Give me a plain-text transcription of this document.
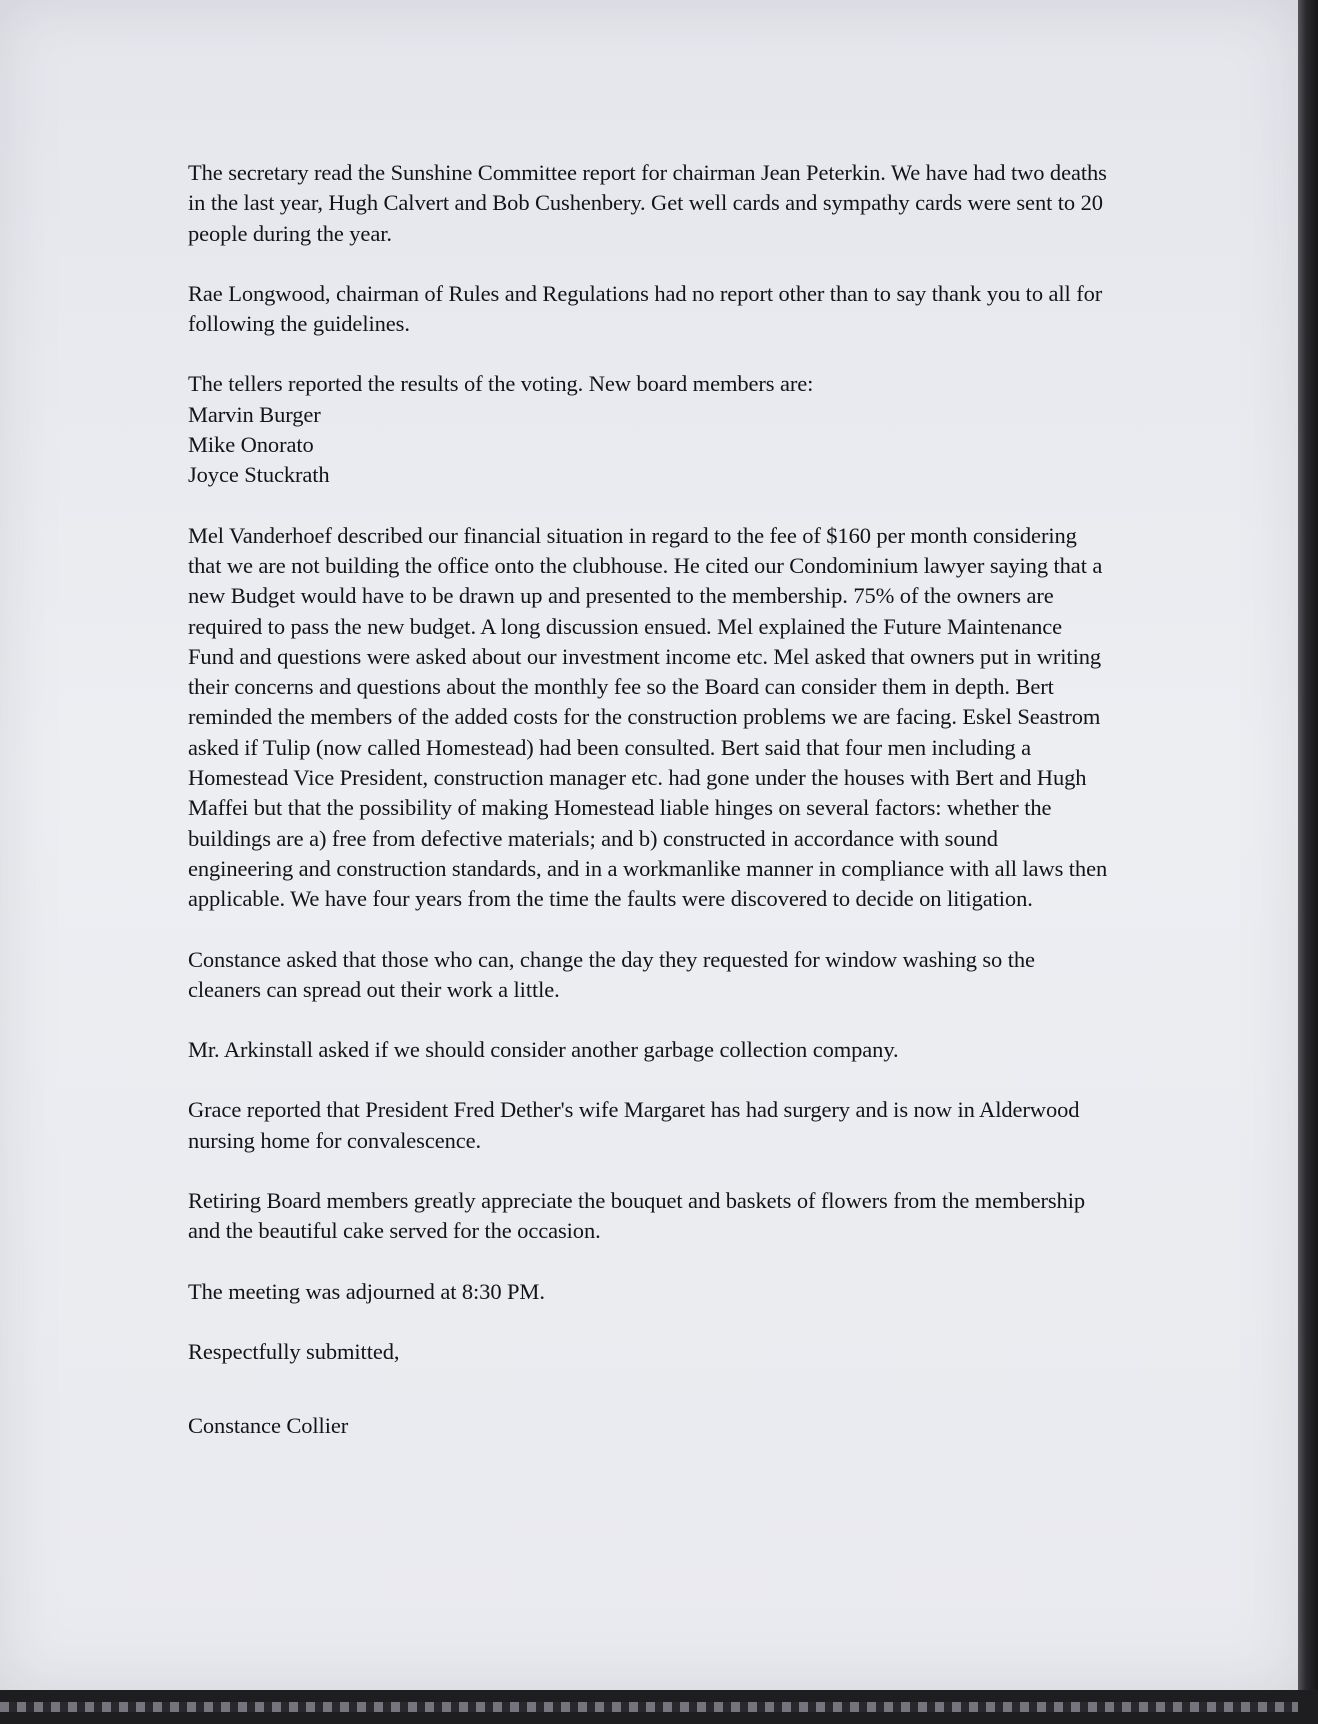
The secretary read the Sunshine Committee report for chairman Jean Peterkin. We have had two deaths in the last year, Hugh Calvert and Bob Cushenbery. Get well cards and sympathy cards were sent to 20 people during the year.

Rae Longwood, chairman of Rules and Regulations had no report other than to say thank you to all for following the guidelines.

The tellers reported the results of the voting. New board members are:

Marvin Burger
Mike Onorato
Joyce Stuckrath

Mel Vanderhoef described our financial situation in regard to the fee of $160 per month considering that we are not building the office onto the clubhouse. He cited our Condominium lawyer saying that a new Budget would have to be drawn up and presented to the membership. 75% of the owners are required to pass the new budget. A long discussion ensued. Mel explained the Future Maintenance Fund and questions were asked about our investment income etc. Mel asked that owners put in writing their concerns and questions about the monthly fee so the Board can consider them in depth. Bert reminded the members of the added costs for the construction problems we are facing. Eskel Seastrom asked if Tulip (now called Homestead) had been consulted. Bert said that four men including a Homestead Vice President, construction manager etc. had gone under the houses with Bert and Hugh Maffei but that the possibility of making Homestead liable hinges on several factors: whether the buildings are a) free from defective materials; and b) constructed in accordance with sound engineering and construction standards, and in a workmanlike manner in compliance with all laws then applicable. We have four years from the time the faults were discovered to decide on litigation.

Constance asked that those who can, change the day they requested for window washing so the cleaners can spread out their work a little.

Mr. Arkinstall asked if we should consider another garbage collection company.

Grace reported that President Fred Dether's wife Margaret has had surgery and is now in Alderwood nursing home for convalescence.

Retiring Board members greatly appreciate the bouquet and baskets of flowers from the membership and the beautiful cake served for the occasion.

The meeting was adjourned at 8:30 PM.

Respectfully submitted,

Constance Collier
